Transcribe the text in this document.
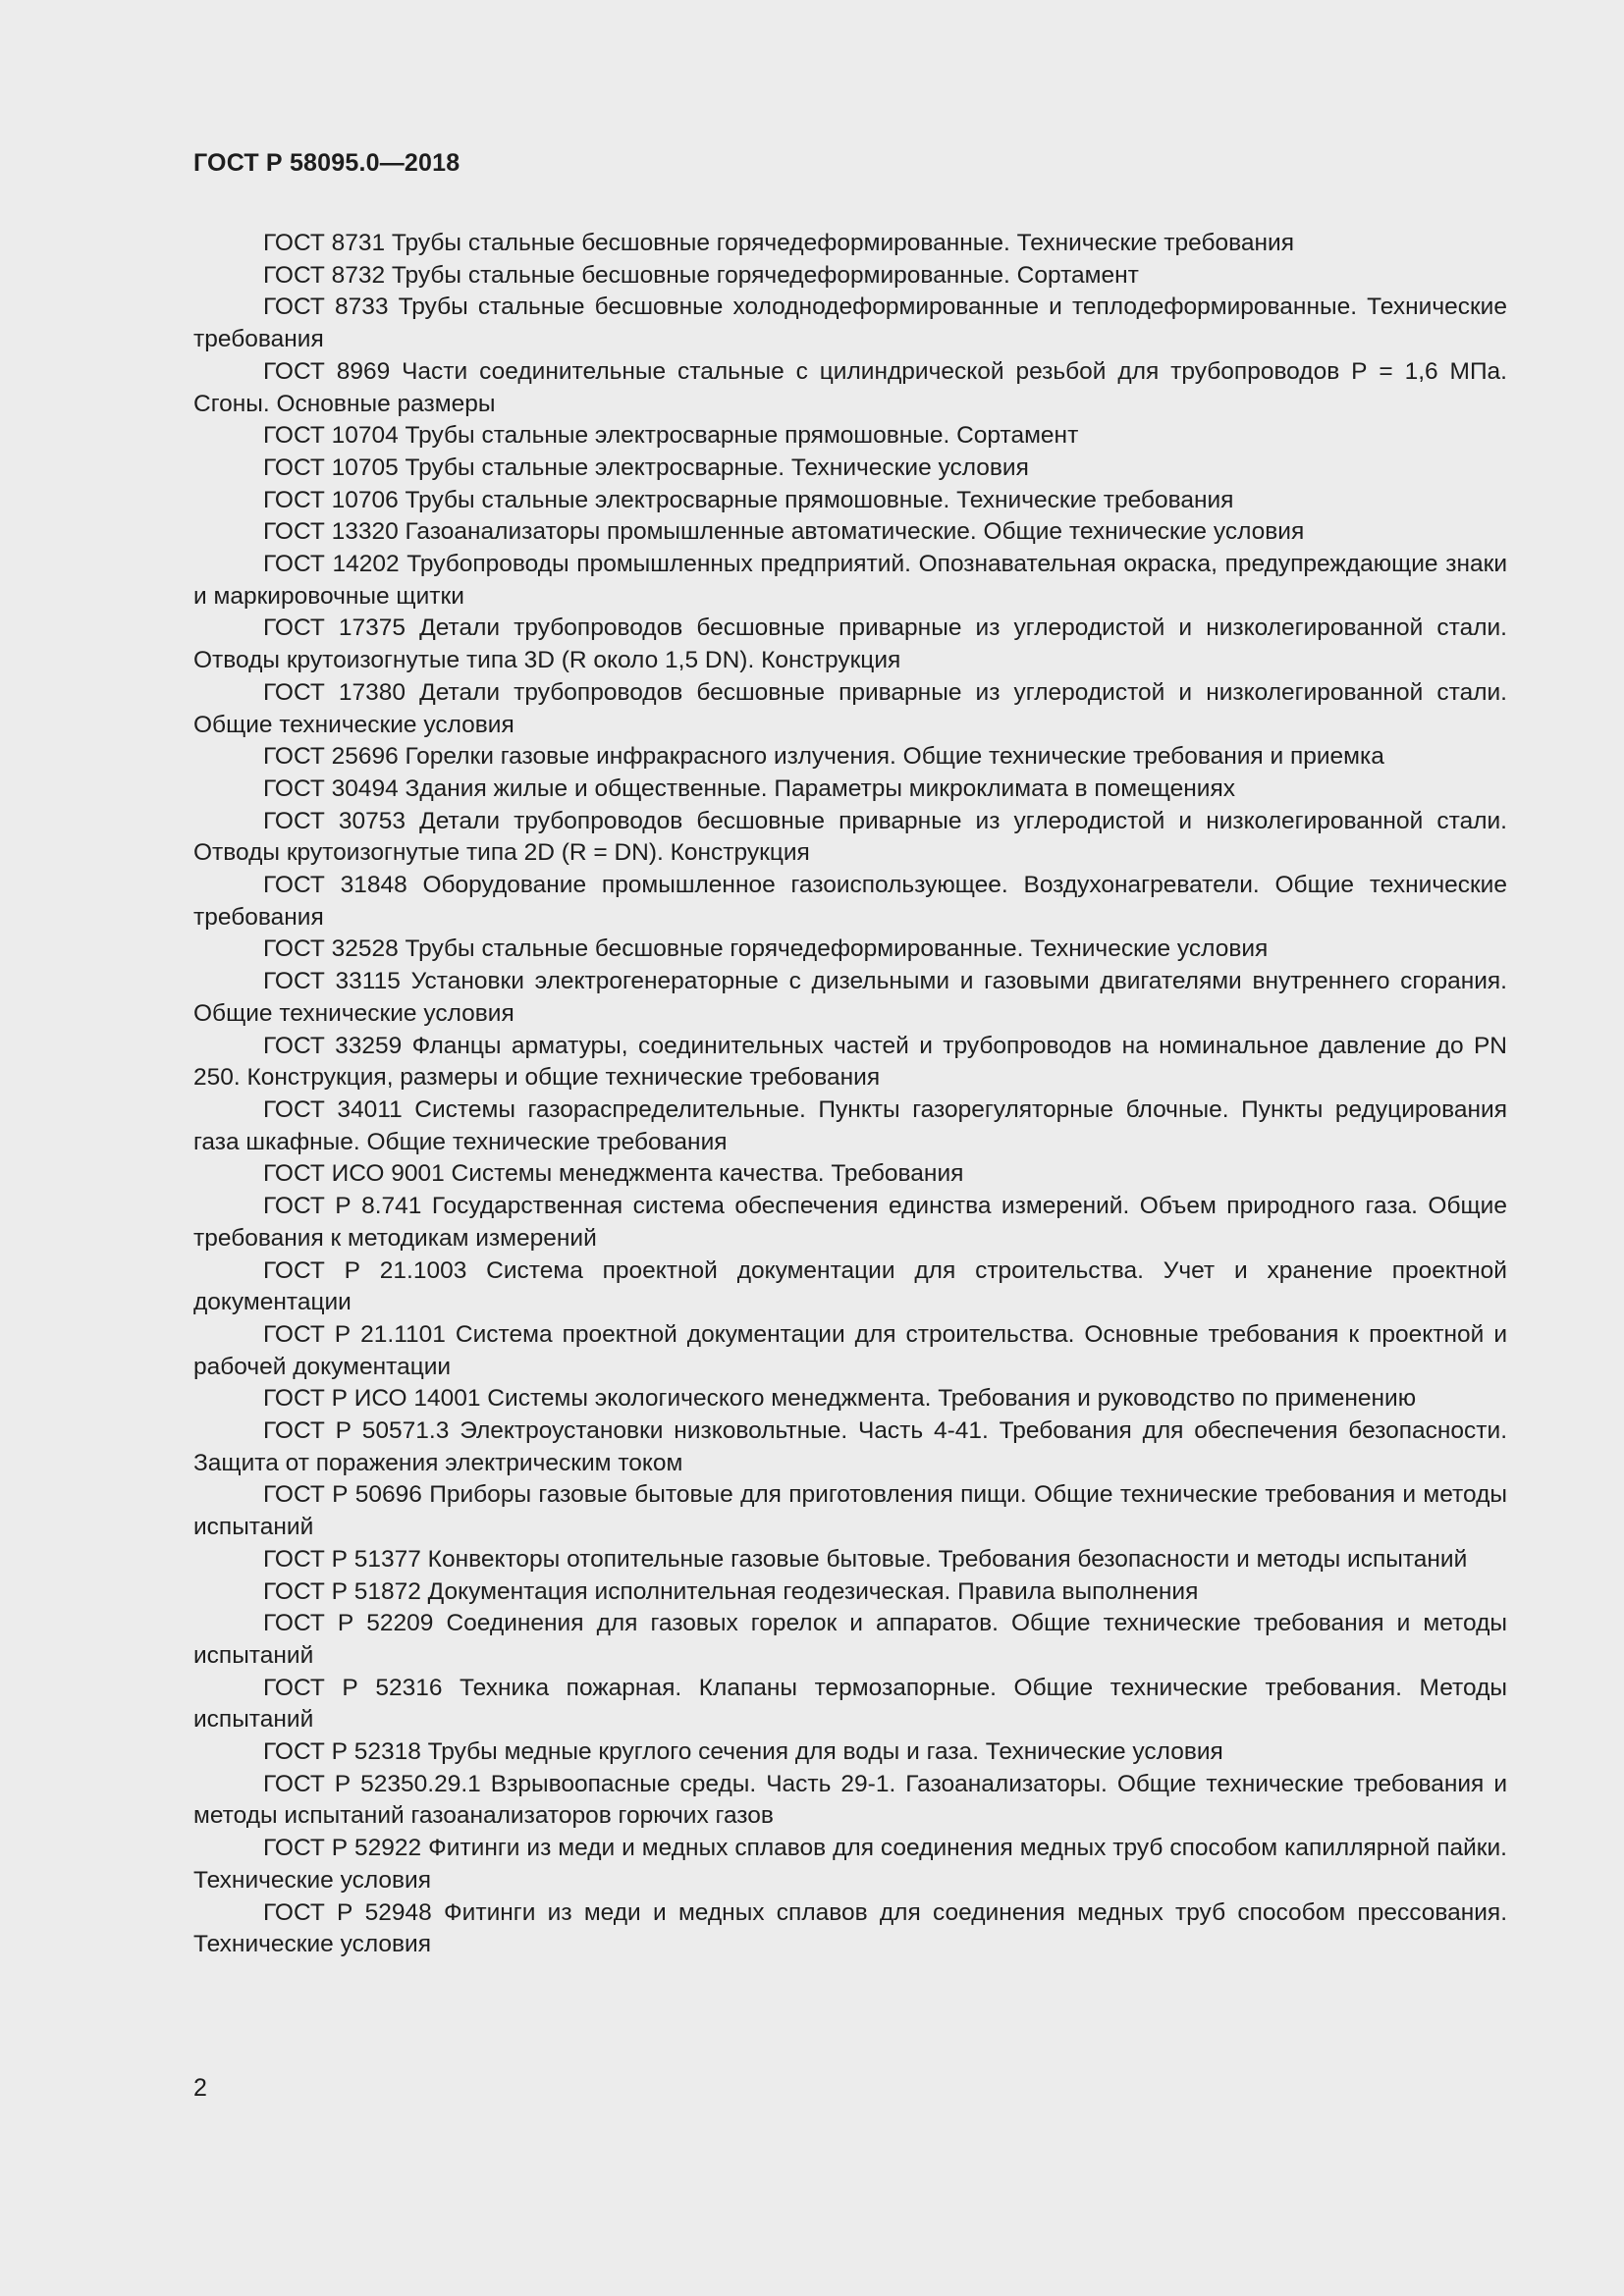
ГОСТ Р 58095.0—2018
ГОСТ 8731 Трубы стальные бесшовные горячедеформированные. Технические требования
ГОСТ 8732 Трубы стальные бесшовные горячедеформированные. Сортамент
ГОСТ 8733 Трубы стальные бесшовные холоднодеформированные и теплодеформированные. Технические требования
ГОСТ 8969 Части соединительные стальные с цилиндрической резьбой для трубопроводов Р = 1,6 МПа. Сгоны. Основные размеры
ГОСТ 10704 Трубы стальные электросварные прямошовные. Сортамент
ГОСТ 10705 Трубы стальные электросварные. Технические условия
ГОСТ 10706 Трубы стальные электросварные прямошовные. Технические требования
ГОСТ 13320 Газоанализаторы промышленные автоматические. Общие технические условия
ГОСТ 14202 Трубопроводы промышленных предприятий. Опознавательная окраска, предупреждающие знаки и маркировочные щитки
ГОСТ 17375 Детали трубопроводов бесшовные приварные из углеродистой и низколегированной стали. Отводы крутоизогнутые типа 3D (R около 1,5 DN). Конструкция
ГОСТ 17380 Детали трубопроводов бесшовные приварные из углеродистой и низколегированной стали. Общие технические условия
ГОСТ 25696 Горелки газовые инфракрасного излучения. Общие технические требования и приемка
ГОСТ 30494 Здания жилые и общественные. Параметры микроклимата в помещениях
ГОСТ 30753 Детали трубопроводов бесшовные приварные из углеродистой и низколегированной стали. Отводы крутоизогнутые типа 2D (R = DN). Конструкция
ГОСТ 31848 Оборудование промышленное газоиспользующее. Воздухонагреватели. Общие технические требования
ГОСТ 32528 Трубы стальные бесшовные горячедеформированные. Технические условия
ГОСТ 33115 Установки электрогенераторные с дизельными и газовыми двигателями внутреннего сгорания. Общие технические условия
ГОСТ 33259 Фланцы арматуры, соединительных частей и трубопроводов на номинальное давление до PN 250. Конструкция, размеры и общие технические требования
ГОСТ 34011 Системы газораспределительные. Пункты газорегуляторные блочные. Пункты редуцирования газа шкафные. Общие технические требования
ГОСТ ИСО 9001 Системы менеджмента качества. Требования
ГОСТ Р 8.741 Государственная система обеспечения единства измерений. Объем природного газа. Общие требования к методикам измерений
ГОСТ Р 21.1003 Система проектной документации для строительства. Учет и хранение проектной документации
ГОСТ Р 21.1101 Система проектной документации для строительства. Основные требования к проектной и рабочей документации
ГОСТ Р ИСО 14001 Системы экологического менеджмента. Требования и руководство по применению
ГОСТ Р 50571.3 Электроустановки низковольтные. Часть 4-41. Требования для обеспечения безопасности. Защита от поражения электрическим током
ГОСТ Р 50696 Приборы газовые бытовые для приготовления пищи. Общие технические требования и методы испытаний
ГОСТ Р 51377 Конвекторы отопительные газовые бытовые. Требования безопасности и методы испытаний
ГОСТ Р 51872 Документация исполнительная геодезическая. Правила выполнения
ГОСТ Р 52209 Соединения для газовых горелок и аппаратов. Общие технические требования и методы испытаний
ГОСТ Р 52316 Техника пожарная. Клапаны термозапорные. Общие технические требования. Методы испытаний
ГОСТ Р 52318 Трубы медные круглого сечения для воды и газа. Технические условия
ГОСТ Р 52350.29.1 Взрывоопасные среды. Часть 29-1. Газоанализаторы. Общие технические требования и методы испытаний газоанализаторов горючих газов
ГОСТ Р 52922 Фитинги из меди и медных сплавов для соединения медных труб способом капиллярной пайки. Технические условия
ГОСТ Р 52948 Фитинги из меди и медных сплавов для соединения медных труб способом прессования. Технические условия
2
